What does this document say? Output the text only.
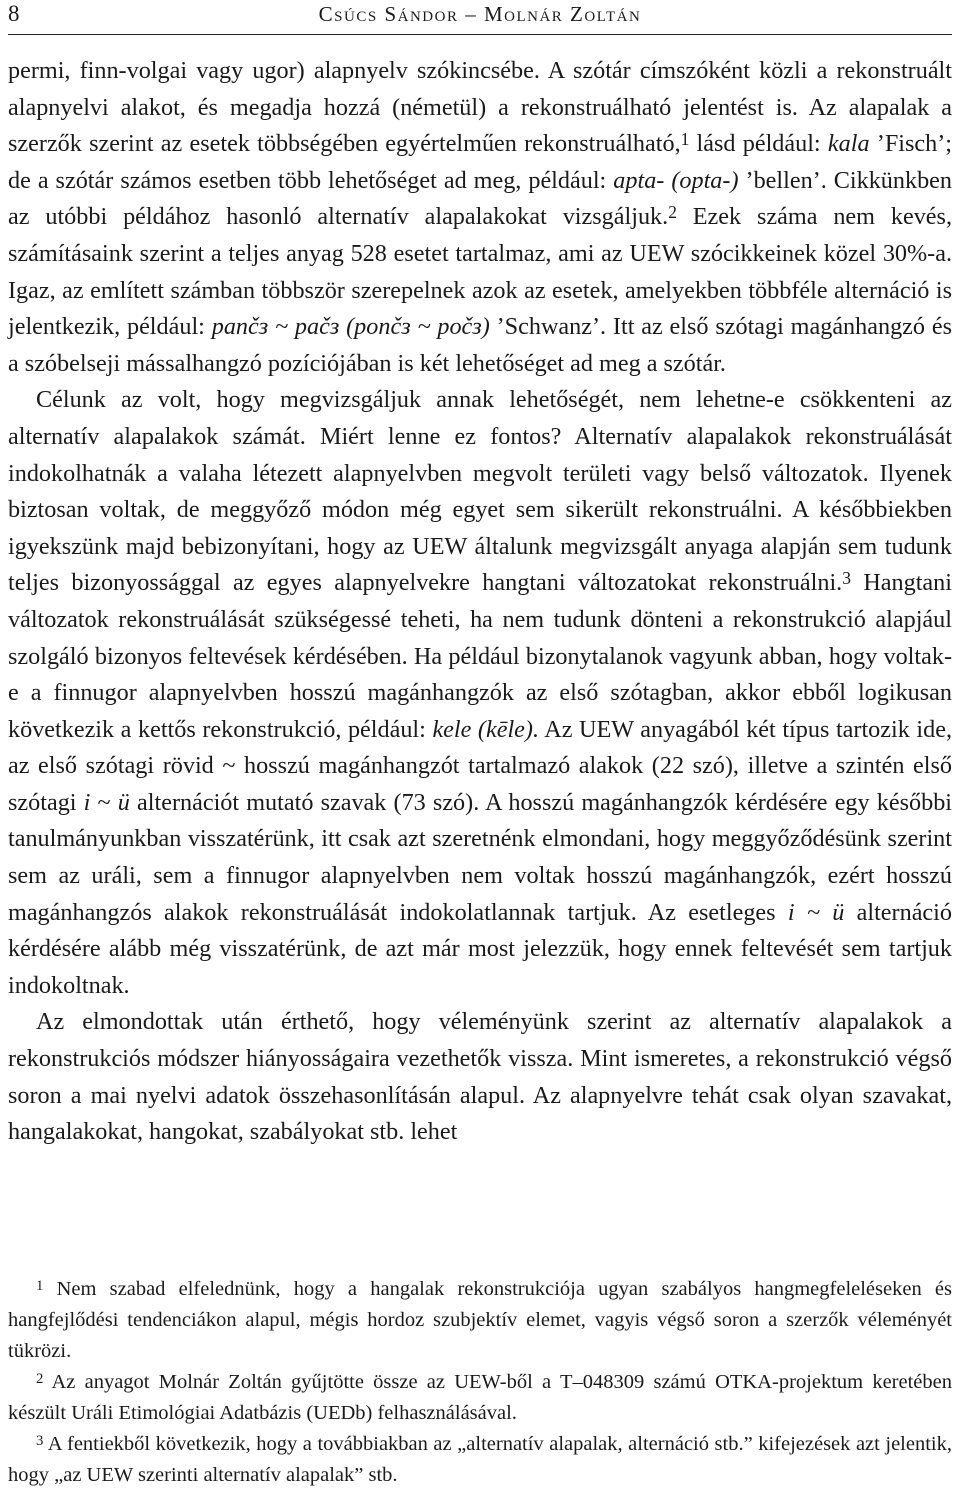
8	Csúcs Sándor – Molnár Zoltán

permi, finn-volgai vagy ugor) alapnyelv szókincsébe. A szótár címszóként közli a rekonstruált alapnyelvi alakot, és megadja hozzá (németül) a rekonstruálható jelentést is. Az alapalak a szerzők szerint az esetek többségében egyértelműen rekonstruálható,$^1$ lásd például: kala ’Fisch’; de a szótár számos esetben több lehetőséget ad meg, például: apta- (opta-) ’bellen’. Cikkünkben az utóbbi példához hasonló alternatív alapalakokat vizsgáljuk.$^2$ Ezek száma nem kevés, számításaink szerint a teljes anyag 528 esetet tartalmaz, ami az UEW szócikkeinek közel 30%-a. Igaz, az említett számban többször szerepelnek azok az esetek, amelyekben többféle alternáció is jelentkezik, például: pančз ~ pačз (pončз ~ počз) ’Schwanz’. Itt az első szótagi magánhangzó és a szóbelseji mássalhangzó pozíciójában is két lehetőséget ad meg a szótár.

Célunk az volt, hogy megvizsgáljuk annak lehetőségét, nem lehetne-e csökkenteni az alternatív alapalakok számát. Miért lenne ez fontos? Alternatív alapalakok rekonstruálását indokolhatnák a valaha létezett alapnyelvben megvolt területi vagy belső változatok. Ilyenek biztosan voltak, de meggyőző módon még egyet sem sikerült rekonstruálni. A későbbiekben igyekszünk majd bebizonyítani, hogy az UEW általunk megvizsgált anyaga alapján sem tudunk teljes bizonyossággal az egyes alapnyelvekre hangtani változatokat rekonstruálni.$^3$ Hangtani változatok rekonstruálását szükségessé teheti, ha nem tudunk dönteni a rekonstrukció alapjául szolgáló bizonyos feltevések kérdésében. Ha például bizonytalanok vagyunk abban, hogy voltak-e a finnugor alapnyelvben hosszú magánhangzók az első szótagban, akkor ebből logikusan következik a kettős rekonstrukció, például: kele (kēle). Az UEW anyagából két típus tartozik ide, az első szótagi rövid ~ hosszú magánhangzót tartalmazó alakok (22 szó), illetve a szintén első szótagi i ~ ü alternációt mutató szavak (73 szó). A hosszú magánhangzók kérdésére egy későbbi tanulmányunkban visszatérünk, itt csak azt szeretnénk elmondani, hogy meggyőződésünk szerint sem az uráli, sem a finnugor alapnyelvben nem voltak hosszú magánhangzók, ezért hosszú magánhangzós alakok rekonstruálását indokolatlannak tartjuk. Az esetleges i ~ ü alternáció kérdésére alább még visszatérünk, de azt már most jelezzük, hogy ennek feltevését sem tartjuk indokoltnak.

Az elmondottak után érthető, hogy véleményünk szerint az alternatív alapalakok a rekonstrukciós módszer hiányosságaira vezethetők vissza. Mint ismeretes, a rekonstrukció végső soron a mai nyelvi adatok összehasonlításán alapul. Az alapnyelvre tehát csak olyan szavakat, hangalakokat, hangokat, szabályokat stb. lehet

$^1$ Nem szabad elfelednünk, hogy a hangalak rekonstrukciója ugyan szabályos hangmegfeleléseken és hangfejlődési tendenciákon alapul, mégis hordoz szubjektív elemet, vagyis végső soron a szerzők véleményét tükrözi.

$^2$ Az anyagot Molnár Zoltán gyűjtötte össze az UEW-ből a T–048309 számú OTKA-projektum keretében készült Uráli Etimológiai Adatbázis (UEDb) felhasználásával.

$^3$ A fentiekből következik, hogy a továbbiakban az „alternatív alapalak, alternáció stb.” kifejezések azt jelentik, hogy „az UEW szerinti alternatív alapalak” stb.
